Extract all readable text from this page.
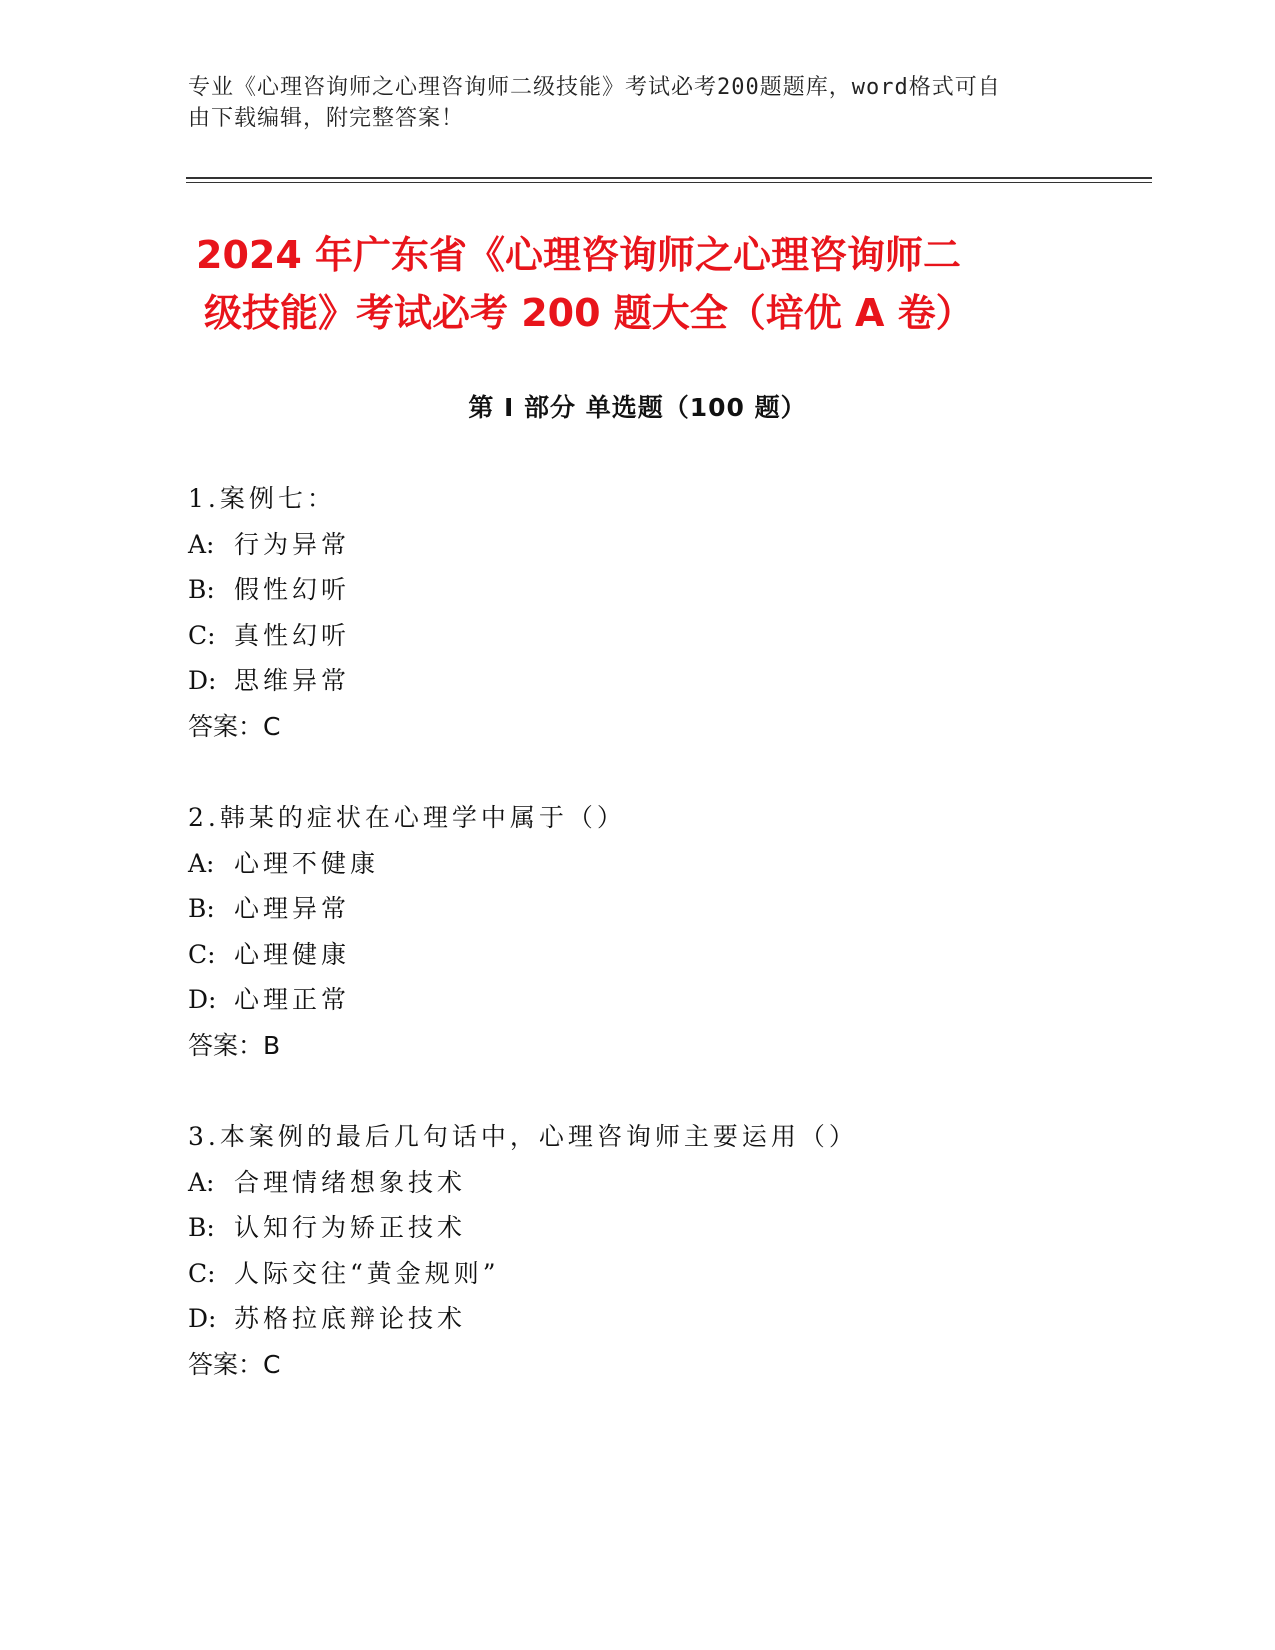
专业《心理咨询师之心理咨询师二级技能》考试必考200题题库，word格式可自
由下载编辑，附完整答案！
2024 年广东省《心理咨询师之心理咨询师二
级技能》考试必考 200 题大全（培优 A 卷）
第 I 部分 单选题（100 题）
1.案例七：
A: 行为异常
B: 假性幻听
C: 真性幻听
D: 思维异常
答案：C
2.韩某的症状在心理学中属于（）
A: 心理不健康
B: 心理异常
C: 心理健康
D: 心理正常
答案：B
3.本案例的最后几句话中，心理咨询师主要运用（）
A: 合理情绪想象技术
B: 认知行为矫正技术
C: 人际交往“黄金规则”
D: 苏格拉底辩论技术
答案：C
